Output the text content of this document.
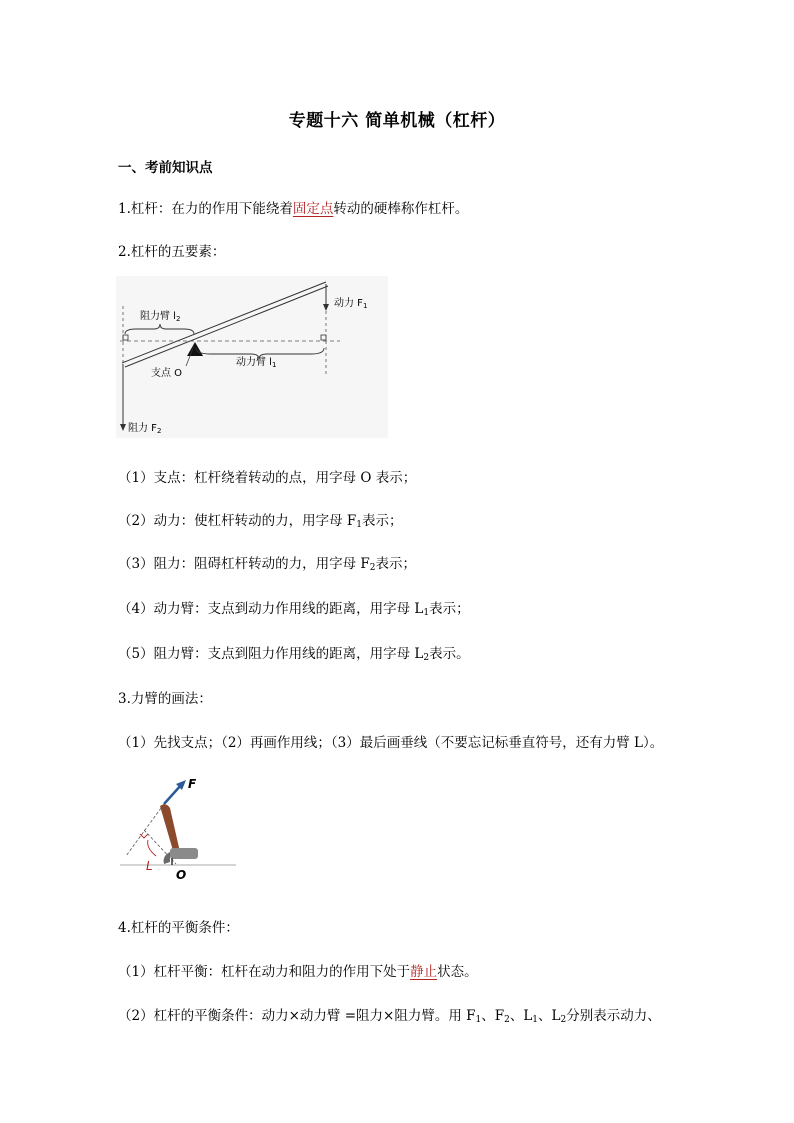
专题十六 简单机械（杠杆）
一、考前知识点
1.杠杆：在力的作用下能绕着固定点转动的硬棒称作杠杆。
2.杠杆的五要素：
阻力臂 $l_2$
动力 $F_1$
动力臂 $l_1$
支点 O
阻力 $F_2$
（1）支点：杠杆绕着转动的点，用字母 O 表示；
（2）动力：使杠杆转动的力，用字母 $F_1$表示；
（3）阻力：阻碍杠杆转动的力，用字母 $F_2$表示；
（4）动力臂：支点到动力作用线的距离，用字母 $L_1$表示；
（5）阻力臂：支点到阻力作用线的距离，用字母 $L_2$表示。
3.力臂的画法：
（1）先找支点；（2）再画作用线；（3）最后画垂线（不要忘记标垂直符号，还有力臂 L）。
F
L
O
4.杠杆的平衡条件：
（1）杠杆平衡：杠杆在动力和阻力的作用下处于静止状态。
（2）杠杆的平衡条件：动力×动力臂 =阻力×阻力臂。用 $F_1$、$F_2$、$L_1$、$L_2$分别表示动力、
